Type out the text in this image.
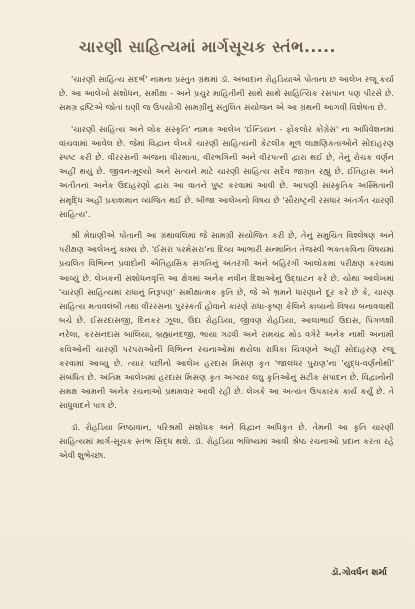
ચારણી સાહિત્યમાં માર્ગસૂચક સ્તંભ.....

'ચારણી સાહિત્ય સંદર્ભ' નામના પ્રસ્તુત ગ્રંથમાં ડૉ. અંબાદાન રોહડિયાએ પોતાના છ આલેખ રજૂ કર્યા છે. આ આલેખો સંશોધન, સમીક્ષા - અને પ્રચુર માહિતીની સાથે સાથે સાહિત્યિક રસપાન પણ પીરસે છે. સમગ્ર દ્રષ્ટિએ જોતાં ઘણી જ ઉપયોગી સામગ્રીનું સંતુલિત સંયોજન એ આ ગ્રંથની આગવી વિશેષતા છે.

'ચારણી સાહિત્ય અને લોક સંસ્કૃતિ' નામક આલેખ 'ઈન્ડિયન - ફોકલોર કોંગ્રેસ' ના અધિવેશનમાં વાંચવામાં આવેલ છે. જેમાં વિદ્વાન લેખકે ચારણી સાહિત્યની કેટલીક મૂળ લાક્ષણિકતાઓને સોદાહરણ સ્પષ્ટ કરી છે. વીરરસની અંજના વીરમાતા, વીરભગિની અને વીરપત્ની દ્વારા થઈ છે, તેનું રોચક વર્ણન અહીં થયું છે. જીવન-મૂલ્યો અને સત્યને માટે ચારણી સાહિત્ય સદૈવ જાગ્રત રહ્યું છે. ઈતિહાસ અને અતીતનાં અનેક ઉદાહરણો દ્વારા આ વાતને પુષ્ટ કરવામાં આવી છે. આપણી સાંસ્કૃતિક અસ્મિતાની સમૃદ્ધિ અહીં પ્રકાશમાન વ્યંજિત થઈ છે. બીજા આલેખનો વિષય છે 'સૌરાષ્ટ્રની રસધાર અંતર્ગત ચારણી સાહિત્ય'.

શ્રી મેઘાણીએ પોતાની આ ગ્રંથાવલિમાં જે સામગ્રી સંયોજિત કરી છે, તેનું સમુચિત વિશ્લેષણ અને પરીક્ષણ આલેખનું કામ્ય છે. 'ઈસરા પરમેસરા'ના દિવ્ય આભારી સન્માનિત તેજસ્વી ભક્તકવિના વિષયમાં પ્રચલિત વિભિન્ન પ્રવાદોની ઐતિહાસિક સંગતિનું અંતરંગી અને બહિરંગી આલોકમાં પરીક્ષણ કરવામાં આવ્યું છે. લેખકની સંશોધનવૃત્તિ આ ક્ષેત્રમાં અનેક નવીન દિશાઓનું ઉદ્ઘાટન કરે છે. ચોથા આલેખમાં 'ચારણી સાહિત્યમાં રાધાનું નિરૂપણ' સમીક્ષાત્મક કૃતિ છે, જે એ ભ્રમને ધારણાને દૂર કરે છે કે, ચારણ સાહિત્ય મતાવલંબી તથા વીરરસના પુરસ્કર્તા હોવાને કારણે રાધા-કૃષ્ણ કેલિને કાવ્યનો વિષય બનાવવાથી બચે છે. ઈસરદાસજી, દિનકર ઝૂલા, ઉદા રોહડિયા, જીવણ રોહડિયા, આલાભાઈ ઉદાસ, પિંગળશી નરેલા, કરસનદાસ બાલિયા, બ્રહ્માનંદજી, ભાયા ગઢવી અને રામચંદ્ર મોડ વગેરે અનેક નામી અનામી કવિઓની ચારણી પરંપરાઓની વિભિન્ન રચનાઓમાં થયેલા રાધિકા ચિત્રણને અહીં સોદાહરણ રજૂ કરવામાં આવ્યુ છે. ત્યાર પછીનો આલેખ હરદાસ મિસણ કૃત 'જાલંધર પુરાણ'ના 'યુદ્ધ-વર્ણનોથી' સંબંધિત છે. અંતિમ આલેખમાં હરદાસ મિસણ કૃત અગ્યાર લઘુ કૃતિઓનું સટીક સંપાદન છે. વિદ્વાનોની સમક્ષ આમની અનેક રચનાઓ પ્રથમવાર આવી રહી છે. લેખકે આ અત્યંત ઉપકારક કાર્ય કર્યું છે. તે સાધુવાદને પાત્ર છે.

ડૉ. રોહડિયા નિષ્ઠાવાન, પરિશ્રમી સંશોધક અને વિદ્વાન અધિકૃત છે. તેમની આ કૃતિ ચારણી સાહિત્યમાં માર્ગ-સૂચક સ્તંભ સિદ્ધ થશે. ડૉ. રોહડિયા ભવિષ્યમાં આવી શ્રેષ્ઠ રચનાઓ પ્રદાન કરતા રહે એવી શુભેચ્છા.

ડૉ.ગોવર્ધન શર્મા
